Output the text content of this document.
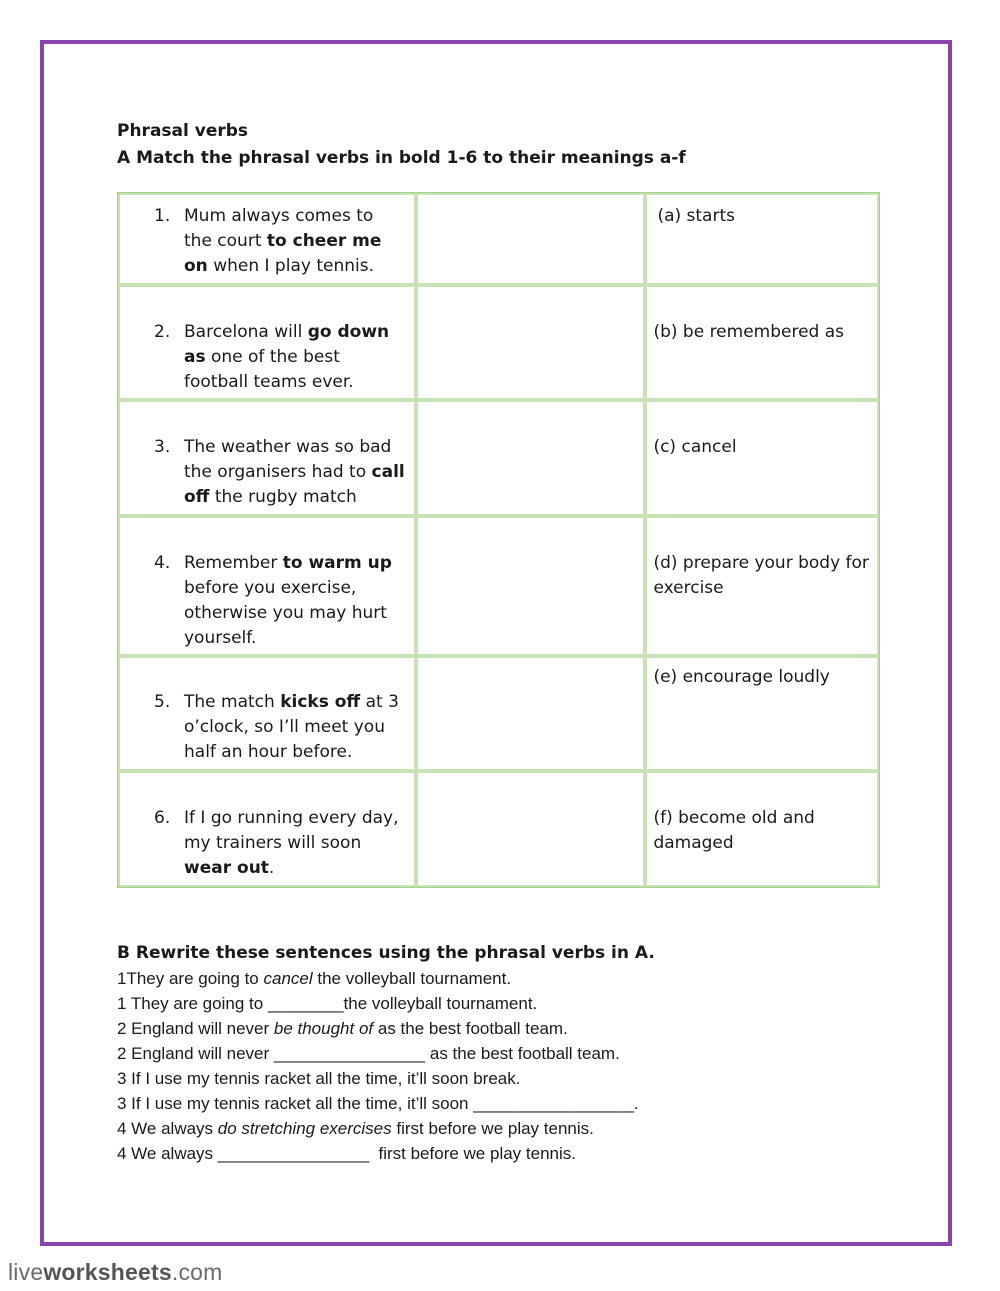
Phrasal verbs
A Match the phrasal verbs in bold 1-6 to their meanings a-f
1. Mum always comes to the court to cheer me on when I play tennis.		(a) starts

2. Barcelona will go down as one of the best football teams ever.		(b) be remembered as

3. The weather was so bad the organisers had to call off the rugby match		(c) cancel

4. Remember to warm up before you exercise, otherwise you may hurt yourself.		(d) prepare your body for exercise

5. The match kicks off at 3 o’clock, so I’ll meet you half an hour before.		(e) encourage loudly

6. If I go running every day, my trainers will soon wear out.		(f) become old and damaged
B Rewrite these sentences using the phrasal verbs in A.
1They are going to cancel the volleyball tournament.
1 They are going to ________the volleyball tournament.
2 England will never be thought of as the best football team.
2 England will never ________________ as the best football team.
3 If I use my tennis racket all the time, it’ll soon break.
3 If I use my tennis racket all the time, it’ll soon _________________.
4 We always do stretching exercises first before we play tennis.
4 We always ________________  first before we play tennis.
liveworksheets.com
